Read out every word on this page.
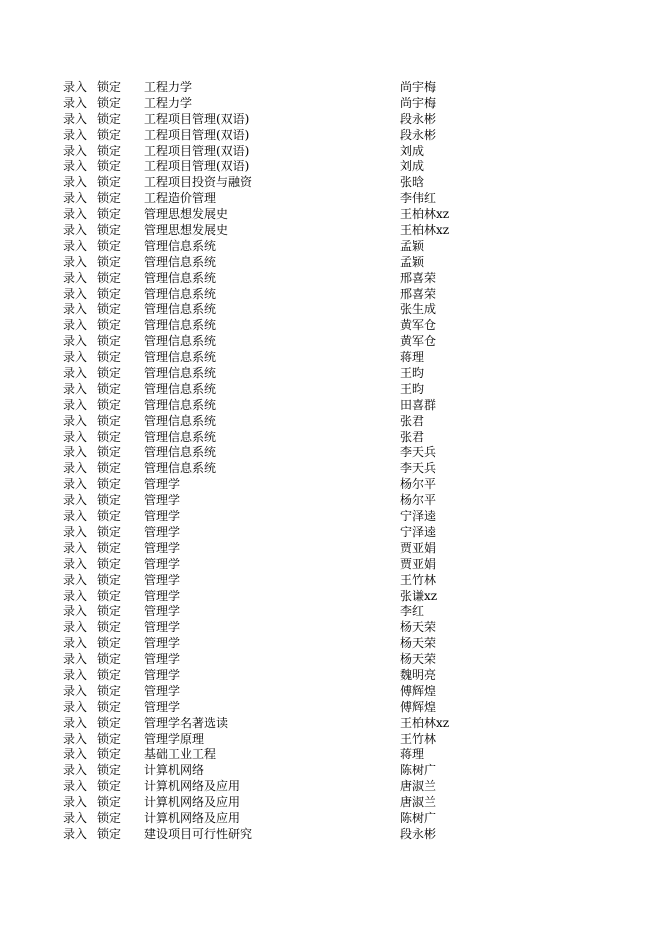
录入 锁定 工程力学	尚宇梅
录入 锁定 工程力学	尚宇梅
录入 锁定 工程项目管理(双语)	段永彬
录入 锁定 工程项目管理(双语)	段永彬
录入 锁定 工程项目管理(双语)	刘成
录入 锁定 工程项目管理(双语)	刘成
录入 锁定 工程项目投资与融资	张晗
录入 锁定 工程造价管理	李伟红
录入 锁定 管理思想发展史	王柏林xz
录入 锁定 管理思想发展史	王柏林xz
录入 锁定 管理信息系统	孟颖
录入 锁定 管理信息系统	孟颖
录入 锁定 管理信息系统	邢喜荣
录入 锁定 管理信息系统	邢喜荣
录入 锁定 管理信息系统	张生成
录入 锁定 管理信息系统	黄军仓
录入 锁定 管理信息系统	黄军仓
录入 锁定 管理信息系统	蒋理
录入 锁定 管理信息系统	王昀
录入 锁定 管理信息系统	王昀
录入 锁定 管理信息系统	田喜群
录入 锁定 管理信息系统	张君
录入 锁定 管理信息系统	张君
录入 锁定 管理信息系统	李天兵
录入 锁定 管理信息系统	李天兵
录入 锁定 管理学	杨尔平
录入 锁定 管理学	杨尔平
录入 锁定 管理学	宁泽逵
录入 锁定 管理学	宁泽逵
录入 锁定 管理学	贾亚娟
录入 锁定 管理学	贾亚娟
录入 锁定 管理学	王竹林
录入 锁定 管理学	张谦xz
录入 锁定 管理学	李红
录入 锁定 管理学	杨天荣
录入 锁定 管理学	杨天荣
录入 锁定 管理学	杨天荣
录入 锁定 管理学	魏明亮
录入 锁定 管理学	傅辉煌
录入 锁定 管理学	傅辉煌
录入 锁定 管理学名著选读	王柏林xz
录入 锁定 管理学原理	王竹林
录入 锁定 基础工业工程	蒋理
录入 锁定 计算机网络	陈树广
录入 锁定 计算机网络及应用	唐淑兰
录入 锁定 计算机网络及应用	唐淑兰
录入 锁定 计算机网络及应用	陈树广
录入 锁定 建设项目可行性研究	段永彬
